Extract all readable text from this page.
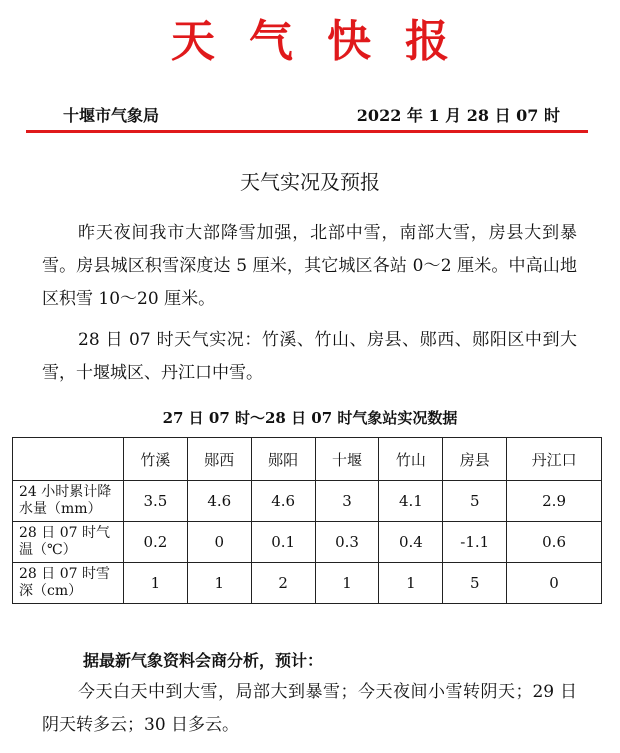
天气快报
十堰市气象局	2022 年 1 月 28 日 07 时
天气实况及预报

昨天夜间我市大部降雪加强，北部中雪，南部大雪，房县大到暴雪。房县城区积雪深度达 5 厘米，其它城区各站 0～2 厘米。中高山地区积雪 10～20 厘米。

28 日 07 时天气实况：竹溪、竹山、房县、郧西、郧阳区中到大雪，十堰城区、丹江口中雪。

27 日 07 时～28 日 07 时气象站实况数据
	竹溪	郧西	郧阳	十堰	竹山	房县	丹江口
24 小时累计降水量（mm）	3.5	4.6	4.6	3	4.1	5	2.9
28 日 07 时气温（℃）	0.2	0	0.1	0.3	0.4	-1.1	0.6
28 日 07 时雪深（cm）	1	1	2	1	1	5	0
据最新气象资料会商分析，预计：

今天白天中到大雪，局部大到暴雪；今天夜间小雪转阴天；29 日阴天转多云；30 日多云。
